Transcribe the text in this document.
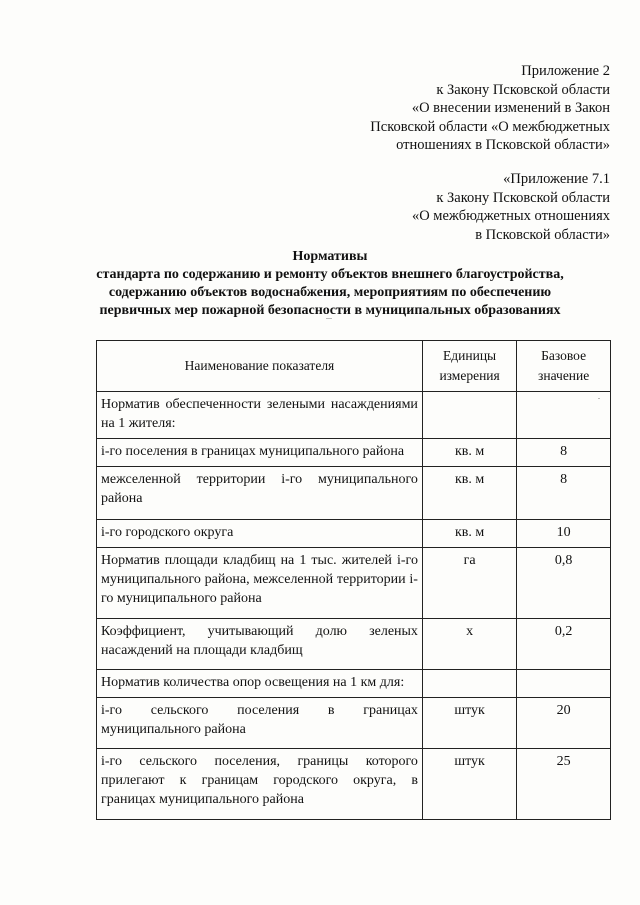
Приложение 2
к Закону Псковской области
«О внесении изменений в Закон
Псковской области «О межбюджетных
отношениях в Псковской области»
«Приложение 7.1
к Закону Псковской области
«О межбюджетных отношениях
в Псковской области»
Нормативы
стандарта по содержанию и ремонту объектов внешнего благоустройства,
содержанию объектов водоснабжения, мероприятиям по обеспечению
первичных мер пожарной безопасности в муниципальных образованиях
Наименование показателя	Единицы измерения	Базовое значение
Норматив обеспеченности зелеными насаждениями на 1 жителя:		
i-го поселения в границах муниципального района	кв. м	8
межселенной территории i-го муниципального района	кв. м	8
i-го городского округа	кв. м	10
Норматив площади кладбищ на 1 тыс. жителей i-го муниципального района, межселенной территории i-го муниципального района	га	0,8
Коэффициент, учитывающий долю зеленых насаждений на площади кладбищ	х	0,2
Норматив количества опор освещения на 1 км для:		
i-го сельского поселения в границах муниципального района	штук	20
i-го сельского поселения, границы которого прилегают к границам городского округа, в границах муниципального района	штук	25
